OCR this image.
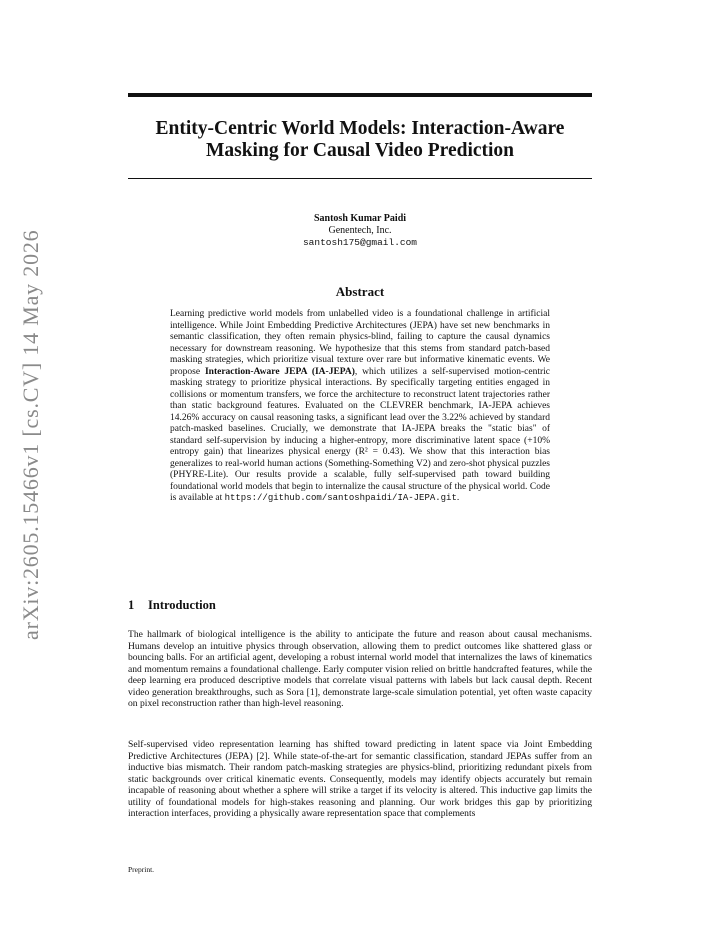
arXiv:2605.15466v1 [cs.CV] 14 May 2026
Entity-Centric World Models: Interaction-Aware
Masking for Causal Video Prediction
Santosh Kumar Paidi
Genentech, Inc.
santosh175@gmail.com
Abstract

Learning predictive world models from unlabelled video is a foundational challenge in artificial intelligence. While Joint Embedding Predictive Architectures (JEPA) have set new benchmarks in semantic classification, they often remain physics-blind, failing to capture the causal dynamics necessary for downstream reasoning. We hypothesize that this stems from standard patch-based masking strategies, which prioritize visual texture over rare but informative kinematic events. We propose Interaction-Aware JEPA (IA-JEPA), which utilizes a self-supervised motion-centric masking strategy to prioritize physical interactions. By specifically targeting entities engaged in collisions or momentum transfers, we force the architecture to reconstruct latent trajectories rather than static background features. Evaluated on the CLEVRER benchmark, IA-JEPA achieves 14.26% accuracy on causal reasoning tasks, a significant lead over the 3.22% achieved by standard patch-masked baselines. Crucially, we demonstrate that IA-JEPA breaks the "static bias" of standard self-supervision by inducing a higher-entropy, more discriminative latent space (+10% entropy gain) that linearizes physical energy (R² = 0.43). We show that this interaction bias generalizes to real-world human actions (Something-Something V2) and zero-shot physical puzzles (PHYRE-Lite). Our results provide a scalable, fully self-supervised path toward building foundational world models that begin to internalize the causal structure of the physical world. Code is available at https://github.com/santoshpaidi/IA-JEPA.git.

1 Introduction

The hallmark of biological intelligence is the ability to anticipate the future and reason about causal mechanisms. Humans develop an intuitive physics through observation, allowing them to predict outcomes like shattered glass or bouncing balls. For an artificial agent, developing a robust internal world model that internalizes the laws of kinematics and momentum remains a foundational challenge. Early computer vision relied on brittle handcrafted features, while the deep learning era produced descriptive models that correlate visual patterns with labels but lack causal depth. Recent video generation breakthroughs, such as Sora [1], demonstrate large-scale simulation potential, yet often waste capacity on pixel reconstruction rather than high-level reasoning.

Self-supervised video representation learning has shifted toward predicting in latent space via Joint Embedding Predictive Architectures (JEPA) [2]. While state-of-the-art for semantic classification, standard JEPAs suffer from an inductive bias mismatch. Their random patch-masking strategies are physics-blind, prioritizing redundant pixels from static backgrounds over critical kinematic events. Consequently, models may identify objects accurately but remain incapable of reasoning about whether a sphere will strike a target if its velocity is altered. This inductive gap limits the utility of foundational models for high-stakes reasoning and planning. Our work bridges this gap by prioritizing interaction interfaces, providing a physically aware representation space that complements

Preprint.
